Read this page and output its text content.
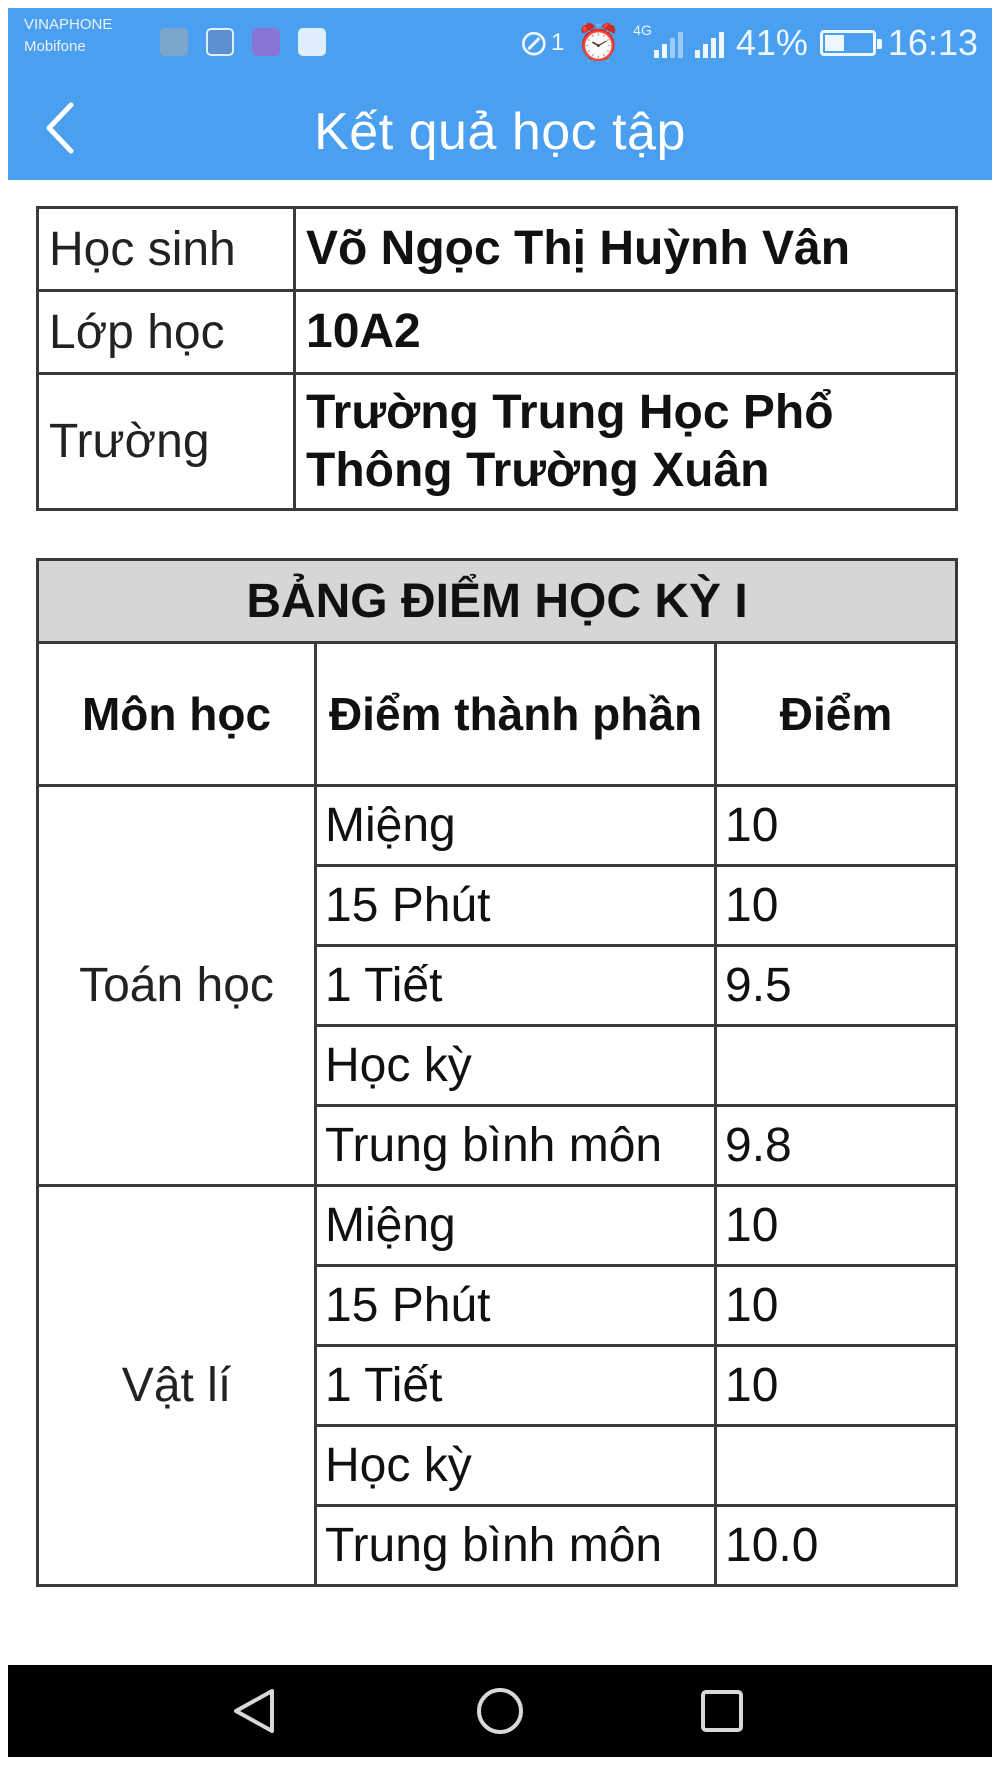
VINAPHONE
Mobifone	⊘ 1 ⏰ 4G 41% 16:13
Kết quả học tập
Học sinh	Võ Ngọc Thị Huỳnh Vân
Lớp học	10A2
Trường	Trường Trung Học Phổ Thông Trường Xuân
BẢNG ĐIỂM HỌC KỲ I		
Môn học	Điểm thành phần	Điểm
Toán học	Miệng	10
	15 Phút	10
	1 Tiết	9.5
	Học kỳ	
	Trung bình môn	9.8
Vật lí	Miệng	10
	15 Phút	10
	1 Tiết	10
	Học kỳ	
	Trung bình môn	10.0
